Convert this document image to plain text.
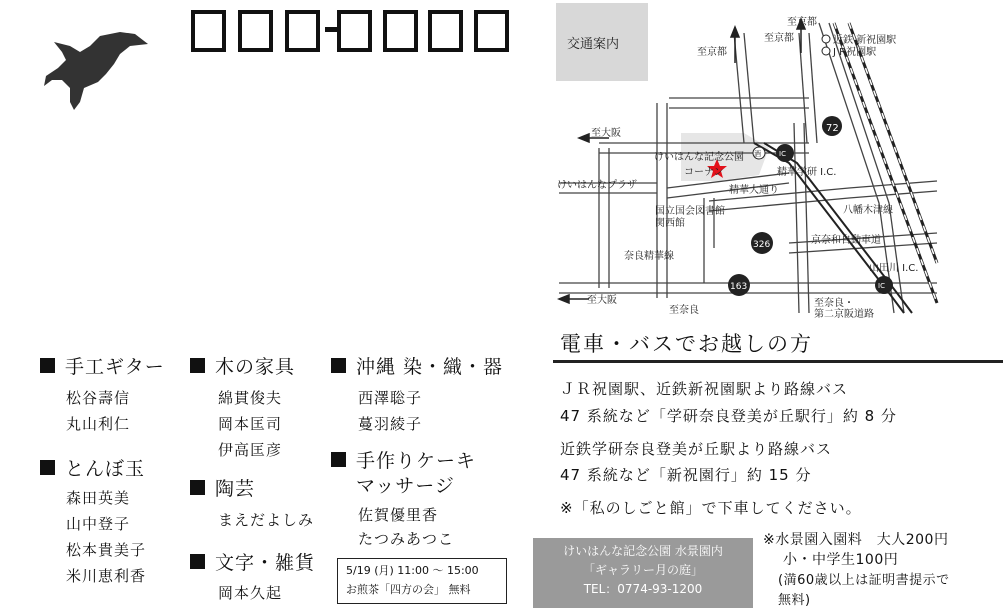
手工ギター
松谷壽信
丸山利仁
とんぼ玉
森田英美
山中登子
松本貴美子
米川恵利香
木の家具
綿貫俊夫
岡本匡司
伊高匡彦
陶芸
まえだよしみ
文字・雑貨
岡本久起
沖縄 染・織・器
西澤聡子
蔓羽綾子
手作りケーキ
マッサージ
佐賀優里香
たつみあつこ
5/19 (月) 11:00 ～ 15:00
お煎茶「四方の会」 無料
交通案内
72
326
163
IC
IC
酒
至京都
至京都
至京都
近鉄 新祝園駅
J R祝園駅
至大阪
至大阪
至奈良
けいはんな記念公園
コーナン
けいはんなプラザ
精華学研 I.C.
精華大通り
国立国会図書館
関西館
八幡木津線
京奈和自動車道
山田川 I.C.
奈良精華線
至奈良・
第二京阪道路
電車・バスでお越しの方
ＪＲ祝園駅、近鉄新祝園駅より路線バス
47 系統など「学研奈良登美が丘駅行」約 8 分
近鉄学研奈良登美が丘駅より路線バス
47 系統など「新祝園行」約 15 分
※「私のしごと館」で下車してください。
けいはんな記念公園 水景園内
「ギャラリー月の庭」
TEL：0774-93-1200
※水景園入園料　大人200円
小・中学生100円
(満60歳以上は証明書提示で
無料)
